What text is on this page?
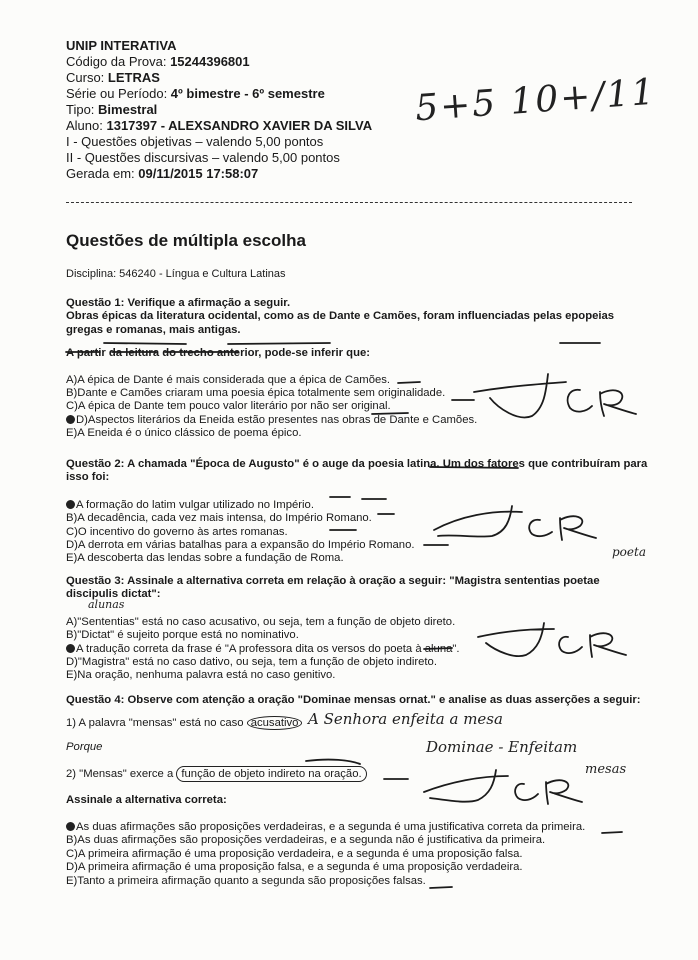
UNIP INTERATIVA
Código da Prova: 15244396801
Curso: LETRAS
Série ou Período: 4º bimestre - 6º semestre
Tipo: Bimestral
Aluno: 1317397 - ALEXSANDRO XAVIER DA SILVA
I - Questões objetivas – valendo 5,00 pontos
II - Questões discursivas – valendo 5,00 pontos
Gerada em: 09/11/2015 17:58:07
5+5 10+/11
Questões de múltipla escolha
Disciplina: 546240 - Língua e Cultura Latinas
Questão 1: Verifique a afirmação a seguir.
Obras épicas da literatura ocidental, como as de Dante e Camões, foram influenciadas pelas epopeias
gregas e romanas, mais antigas.
A partir da leitura do trecho anterior, pode-se inferir que:
A)A épica de Dante é mais considerada que a épica de Camões.
B)Dante e Camões criaram uma poesia épica totalmente sem originalidade.
C)A épica de Dante tem pouco valor literário por não ser original.
D)Aspectos literários da Eneida estão presentes nas obras de Dante e Camões.
E)A Eneida é o único clássico de poema épico.
Questão 2: A chamada "Época de Augusto" é o auge da poesia latina. Um dos fatores que contribuíram para
isso foi:
A formação do latim vulgar utilizado no Império.
B)A decadência, cada vez mais intensa, do Império Romano.
C)O incentivo do governo às artes romanas.
D)A derrota em várias batalhas para a expansão do Império Romano.
E)A descoberta das lendas sobre a fundação de Roma.
Questão 3: Assinale a alternativa correta em relação à oração a seguir: "Magistra sententias poetae
discipulis dictat":
A)"Sententias" está no caso acusativo, ou seja, tem a função de objeto direto.
B)"Dictat" é sujeito porque está no nominativo.
A tradução correta da frase é "A professora dita os versos do poeta à aluna".
D)"Magistra" está no caso dativo, ou seja, tem a função de objeto indireto.
E)Na oração, nenhuma palavra está no caso genitivo.
poeta
alunas
Questão 4: Observe com atenção a oração "Dominae mensas ornat." e analise as duas asserções a seguir:
1) A palavra "mensas" está no caso acusativo
Porque
2) "Mensas" exerce a função de objeto indireto na oração.
Assinale a alternativa correta:
As duas afirmações são proposições verdadeiras, e a segunda é uma justificativa correta da primeira.
B)As duas afirmações são proposições verdadeiras, e a segunda não é justificativa da primeira.
C)A primeira afirmação é uma proposição verdadeira, e a segunda é uma proposição falsa.
D)A primeira afirmação é uma proposição falsa, e a segunda é uma proposição verdadeira.
E)Tanto a primeira afirmação quanto a segunda são proposições falsas.
A Senhora enfeita a mesa
Dominae - Enfeitam
mesas
